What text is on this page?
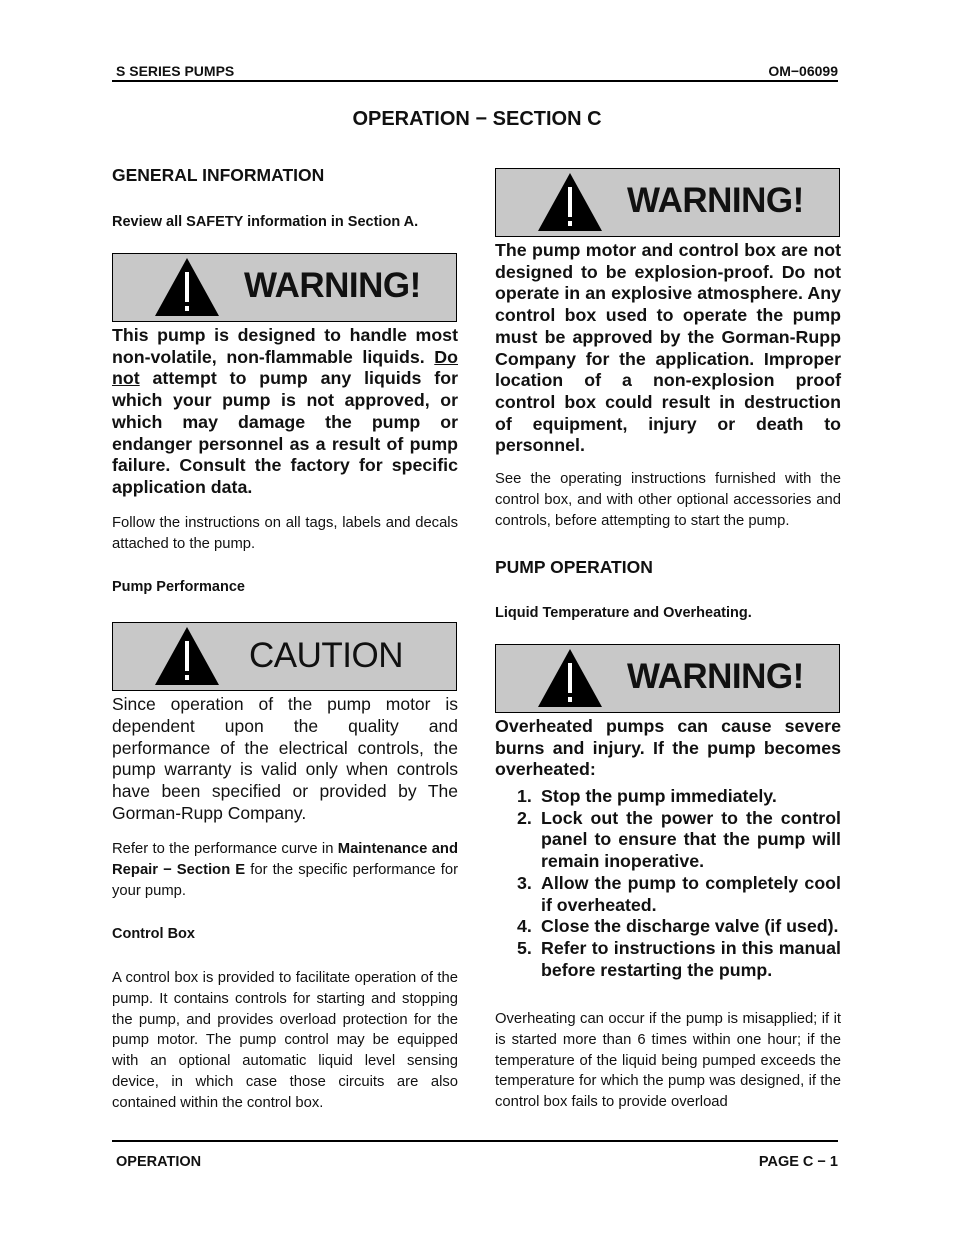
S SERIES PUMPS	OM−06099
OPERATION − SECTION C
GENERAL INFORMATION
Review all SAFETY information in Section A.
WARNING!
This pump is designed to handle most non-volatile, non-flammable liquids. Do not attempt to pump any liquids for which your pump is not approved, or which may damage the pump or endanger personnel as a result of pump failure. Consult the factory for specific application data.
Follow the instructions on all tags, labels and decals attached to the pump.
Pump Performance
CAUTION
Since operation of the pump motor is dependent upon the quality and performance of the electrical controls, the pump warranty is valid only when controls have been specified or provided by The Gorman-Rupp Company.
Refer to the performance curve in Maintenance and Repair − Section E for the specific performance for your pump.
Control Box
A control box is provided to facilitate operation of the pump. It contains controls for starting and stopping the pump, and provides overload protection for the pump motor. The pump control may be equipped with an optional automatic liquid level sensing device, in which case those circuits are also contained within the control box.
WARNING!
The pump motor and control box are not designed to be explosion-proof. Do not operate in an explosive atmosphere. Any control box used to operate the pump must be approved by the Gorman-Rupp Company for the application. Improper location of a non-explosion proof control box could result in destruction of equipment, injury or death to personnel.
See the operating instructions furnished with the control box, and with other optional accessories and controls, before attempting to start the pump.
PUMP OPERATION
Liquid Temperature and Overheating.
WARNING!
Overheated pumps can cause severe burns and injury. If the pump becomes overheated:
1. Stop the pump immediately.
2. Lock out the power to the control panel to ensure that the pump will remain inoperative.
3. Allow the pump to completely cool if overheated.
4. Close the discharge valve (if used).
5. Refer to instructions in this manual before restarting the pump.
Overheating can occur if the pump is misapplied; if it is started more than 6 times within one hour; if the temperature of the liquid being pumped exceeds the temperature for which the pump was designed, if the control box fails to provide overload
OPERATION	PAGE C − 1
